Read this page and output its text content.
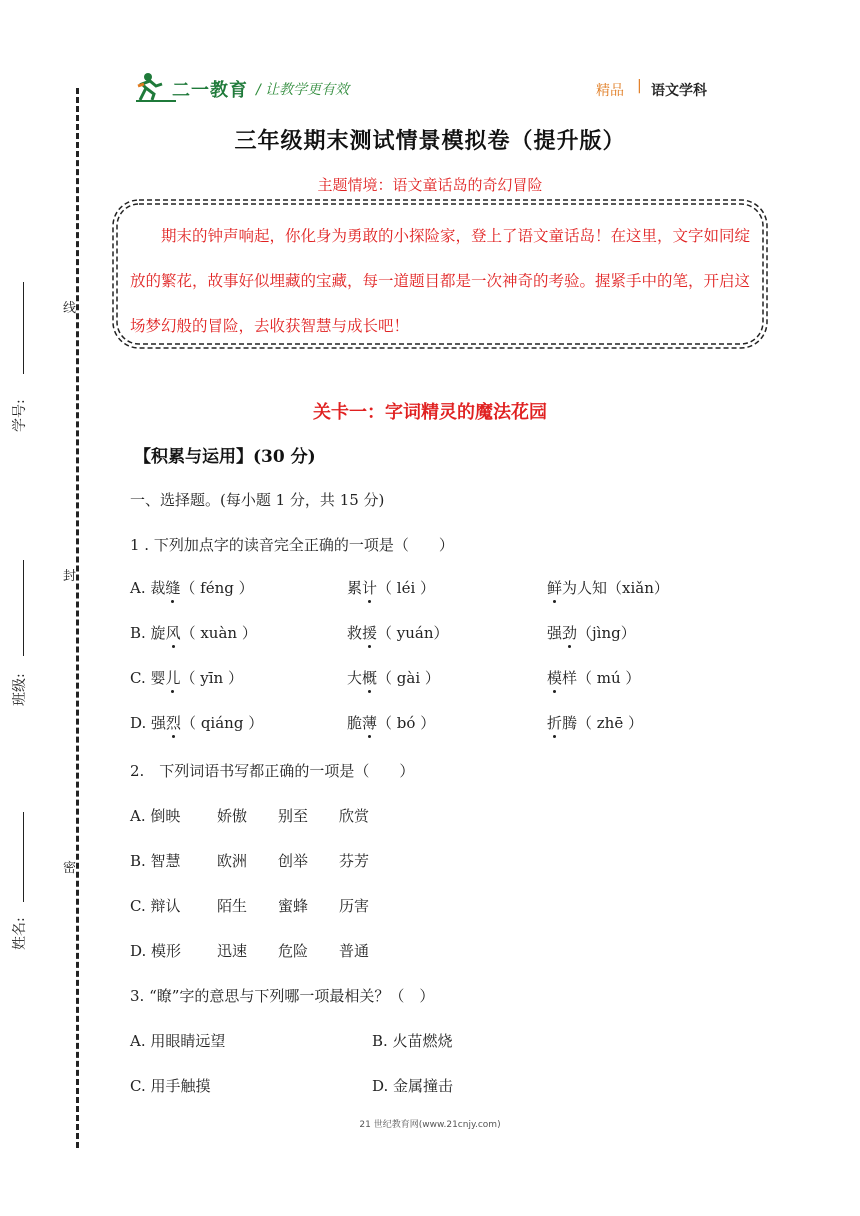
二一教育 / 让教学更有效	精品 | 语文学科
线
封
密
学号:
班级:
姓名:
三年级期末测试情景模拟卷（提升版）
主题情境：语文童话岛的奇幻冒险
期末的钟声响起，你化身为勇敢的小探险家，登上了语文童话岛！在这里，文字如同绽放的繁花，故事好似埋藏的宝藏，每一道题目都是一次神奇的考验。握紧手中的笔，开启这场梦幻般的冒险，去收获智慧与成长吧！
关卡一：字词精灵的魔法花园
【积累与运用】(30 分)
一、选择题。(每小题 1 分，共 15 分)
1 . 下列加点字的读音完全正确的一项是（　　）
A. 裁缝（ féng ）	累计（ léi ）	鲜为人知（xiǎn）
B. 旋风（ xuàn ）	救援（ yuán）	强劲（jìng）
C. 婴儿（ yīn ）	大概（ gài ）	模样（ mú ）
D. 强烈（ qiáng ）	脆薄（ bó ）	折腾（ zhē ）
2.　下列词语书写都正确的一项是（　　）
A. 倒映 娇傲 别至 欣赏
B. 智慧 欧洲 创举 芬芳
C. 辩认 陌生 蜜蜂 历害
D. 模形 迅速 危险 普通
3. “瞭”字的意思与下列哪一项最相关？（　）
A. 用眼睛远望	B. 火苗燃烧
C. 用手触摸	D. 金属撞击
21 世纪教育网(www.21cnjy.com)
